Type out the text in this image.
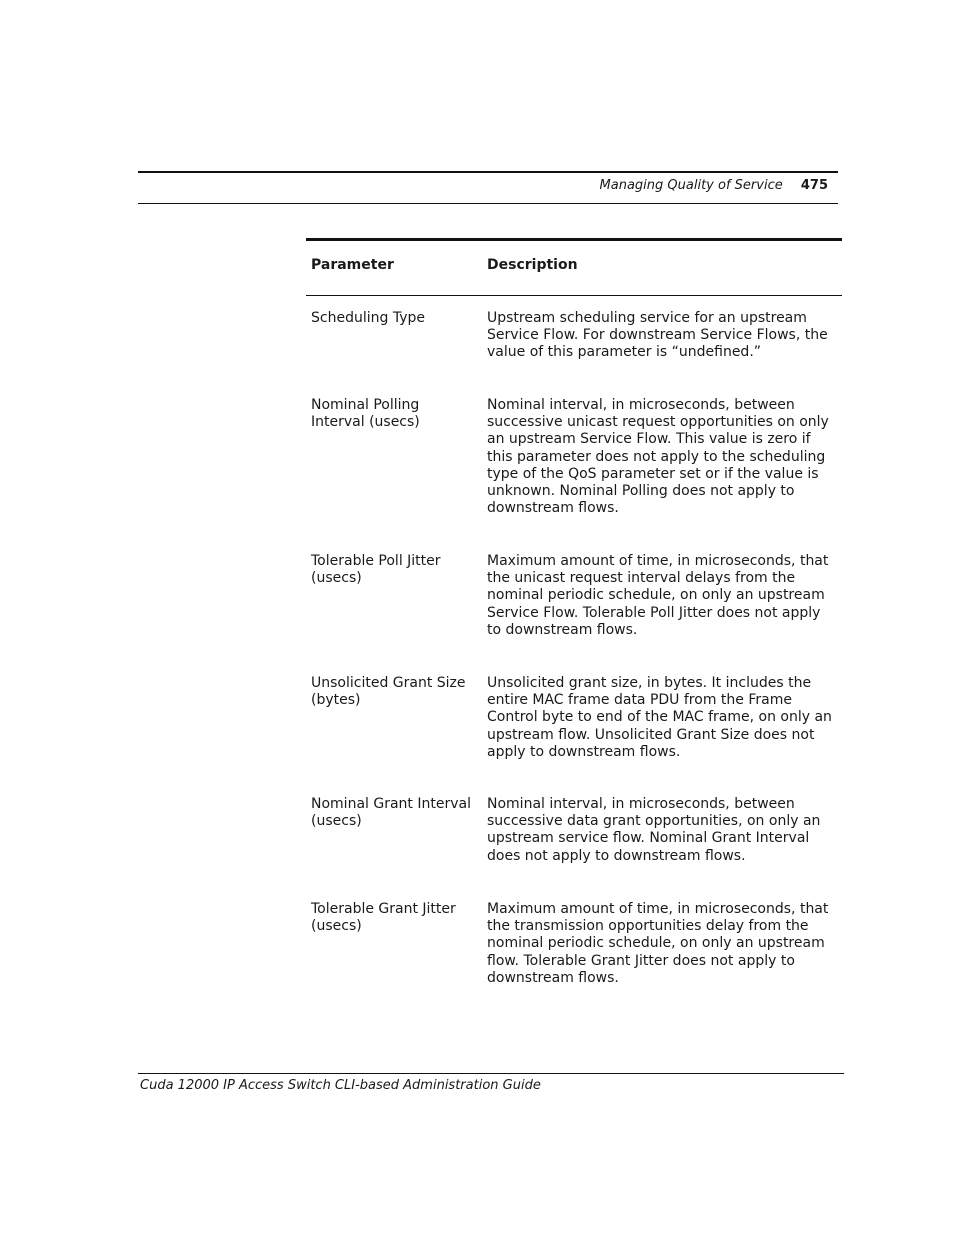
Managing Quality of Service 475
Parameter	Description
Scheduling Type	Upstream scheduling service for an upstream Service Flow. For downstream Service Flows, the value of this parameter is “undefined.”
Nominal Polling Interval (usecs)
Nominal interval, in microseconds, between successive unicast request opportunities on only an upstream Service Flow. This value is zero if this parameter does not apply to the scheduling type of the QoS parameter set or if the value is unknown. Nominal Polling does not apply to downstream flows.
Tolerable Poll Jitter (usecs)
Maximum amount of time, in microseconds, that the unicast request interval delays from the nominal periodic schedule, on only an upstream Service Flow. Tolerable Poll Jitter does not apply to downstream flows.
Unsolicited Grant Size (bytes)
Unsolicited grant size, in bytes. It includes the entire MAC frame data PDU from the Frame Control byte to end of the MAC frame, on only an upstream flow. Unsolicited Grant Size does not apply to downstream flows.
Nominal Grant Interval (usecs)
Nominal interval, in microseconds, between successive data grant opportunities, on only an upstream service flow. Nominal Grant Interval does not apply to downstream flows.
Tolerable Grant Jitter (usecs)
Maximum amount of time, in microseconds, that the transmission opportunities delay from the nominal periodic schedule, on only an upstream flow. Tolerable Grant Jitter does not apply to downstream flows.
Cuda 12000 IP Access Switch CLI-based Administration Guide
